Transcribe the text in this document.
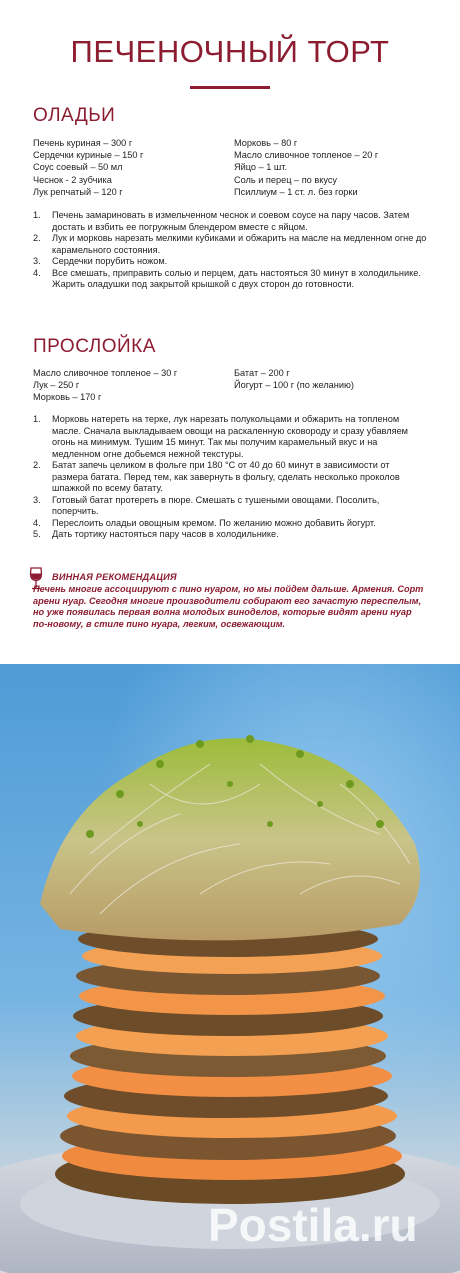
ПЕЧЕНОЧНЫЙ ТОРТ
ОЛАДЬИ
Печень куриная – 300 г
Сердечки куриные – 150 г
Соус соевый – 50 мл
Чеснок - 2 зубчика
Лук репчатый – 120 г
Морковь – 80 г
Масло сливочное топленое – 20 г
Яйцо – 1 шт.
Соль и перец – по вкусу
Псиллиум – 1 ст. л. без горки
1. Печень замариновать в измельченном чеснок и соевом соусе на пару часов. Затем достать и взбить ее погружным блендером вместе с яйцом.
2. Лук и морковь нарезать мелкими кубиками и обжарить на масле на медленном огне до карамельного состояния.
3. Сердечки порубить ножом.
4. Все смешать, приправить солью и перцем, дать настояться 30 минут в холодильнике. Жарить оладушки под закрытой крышкой с двух сторон до готовности.
ПРОСЛОЙКА
Масло сливочное топленое – 30 г
Лук – 250 г
Морковь – 170 г
Батат – 200 г
Йогурт – 100 г (по желанию)
1. Морковь натереть на терке, лук нарезать полукольцами и обжарить на топленом масле. Сначала выкладываем овощи на раскаленную сковороду и сразу убавляем огонь на минимум. Тушим 15 минут. Так мы получим карамельный вкус и на медленном огне добьемся нежной текстуры.
2. Батат запечь целиком в фольге при 180 °С от 40 до 60 минут в зависимости от размера батата. Перед тем, как завернуть в фольгу, сделать несколько проколов шпажкой по всему батату.
3. Готовый батат протереть в пюре. Смешать с тушеными овощами. Посолить, поперчить.
4. Переслоить оладьи овощным кремом. По желанию можно добавить йогурт.
5. Дать тортику настояться пару часов в холодильнике.
ВИННАЯ РЕКОМЕНДАЦИЯ
Печень многие ассоциируют с пино нуаром, но мы пойдем дальше. Армения. Сорт арени нуар. Сегодня многие производители собирают его зачастую переспелым, но уже появилась первая волна молодых виноделов, которые видят арени нуар по-новому, в стиле пино нуара, легким, освежающим.
Postila.ru
